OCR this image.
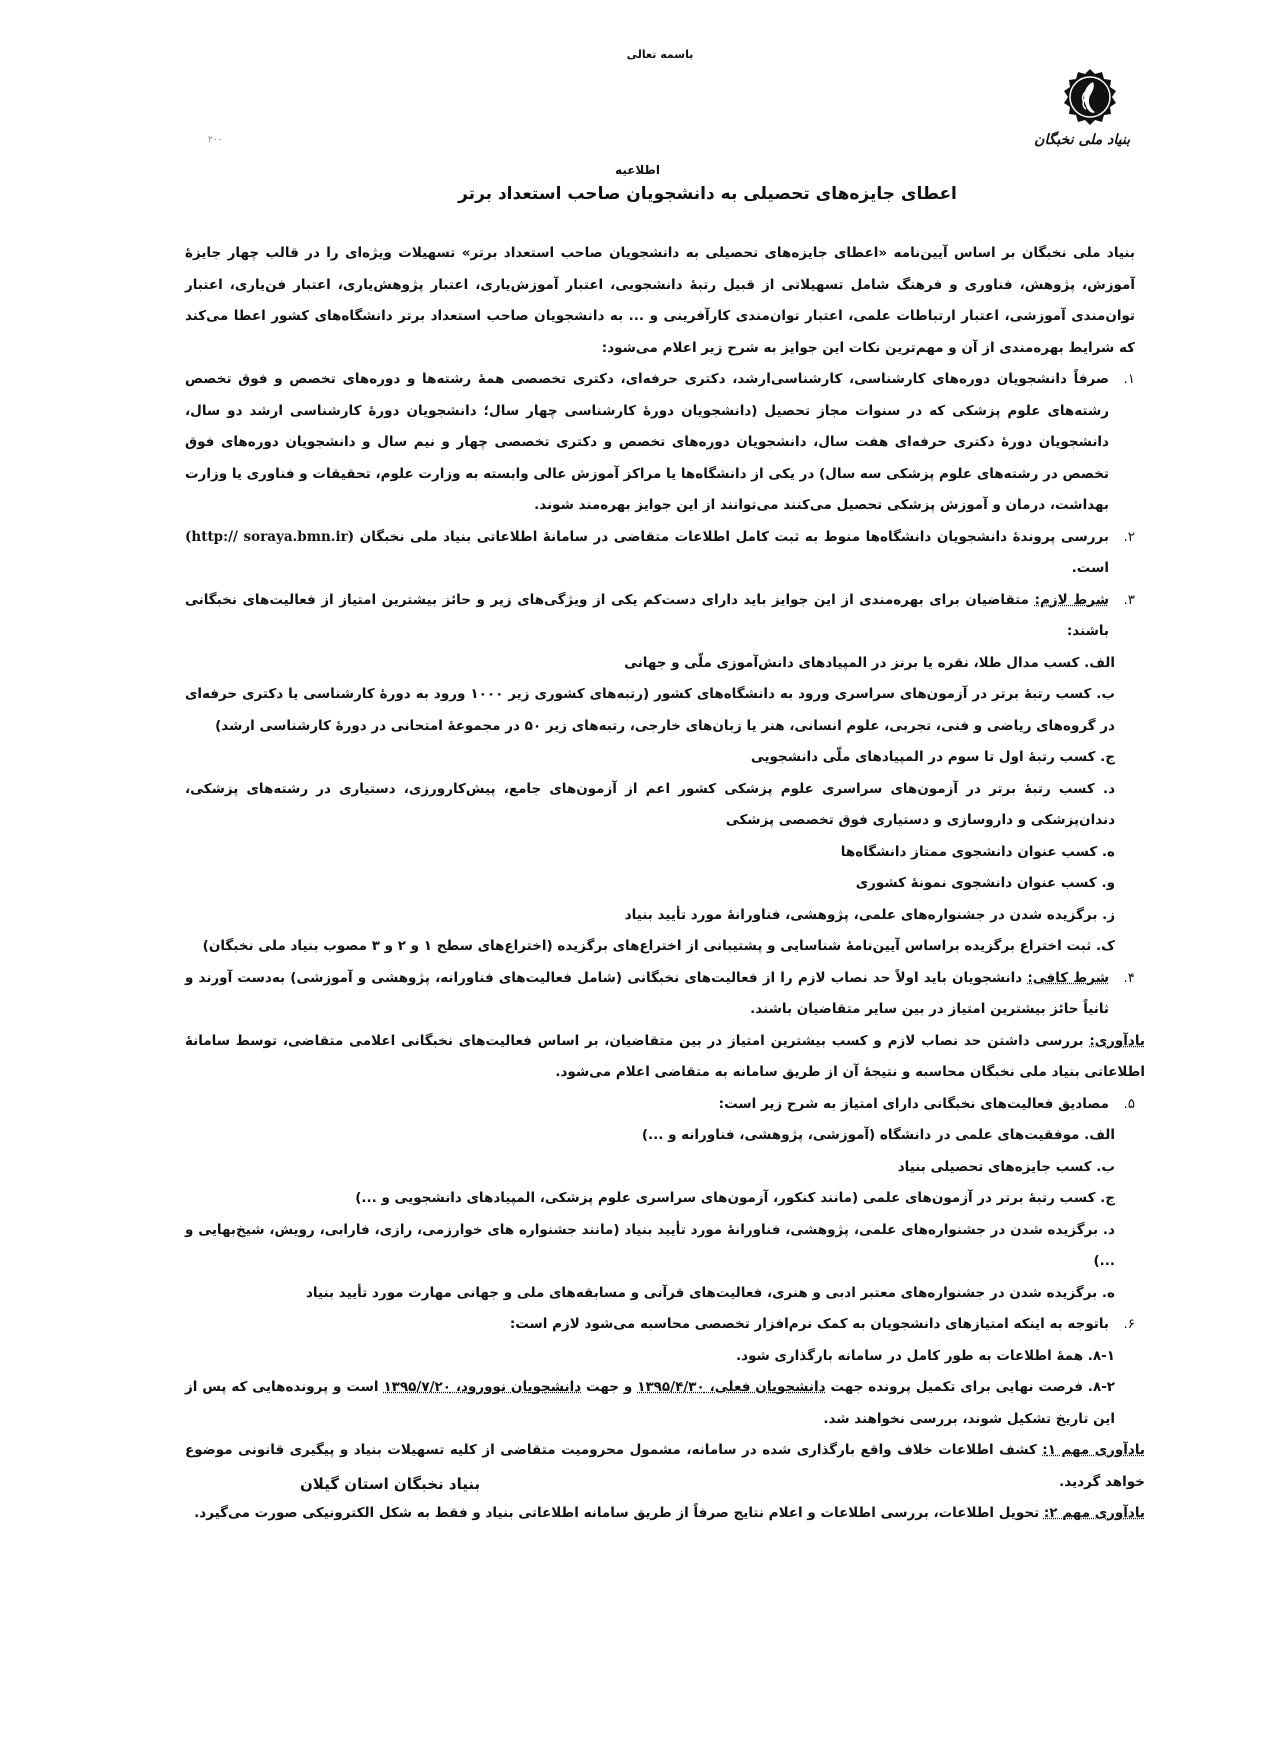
باسمه تعالی
بنیاد ملی نخبگان
۲۰۰
اطلاعیه
اعطای جایزه‌های تحصیلی به دانشجویان صاحب استعداد برتر

بنیاد ملی نخبگان بر اساس آیین‌نامه «اعطای جایزه‌های تحصیلی به دانشجویان صاحب استعداد برتر» تسهیلات ویژه‌ای را در قالب چهار جایزهٔ آموزش، پژوهش، فناوری و فرهنگ شامل تسهیلاتی از قبیل رتبهٔ دانشجویی، اعتبار آموزش‌یاری، اعتبار پژوهش‌یاری، اعتبار فن‌یاری، اعتبار توان‌مندی آموزشی، اعتبار ارتباطات علمی، اعتبار توان‌مندی کارآفرینی و ... به دانشجویان صاحب استعداد برتر دانشگاه‌های کشور اعطا می‌کند که شرایط بهره‌مندی از آن و مهم‌ترین نکات این جوایز به شرح زیر اعلام می‌شود:

۱.
صرفاً دانشجویان دوره‌های کارشناسی، کارشناسی‌ارشد، دکتری حرفه‌ای، دکتری تخصصی همهٔ رشته‌ها و دوره‌های تخصص و فوق تخصص رشته‌های علوم پزشکی که در سنوات مجاز تحصیل (دانشجویان دورهٔ کارشناسی چهار سال؛ دانشجویان دورهٔ کارشناسی ارشد دو سال، دانشجویان دورهٔ دکتری حرفه‌ای هفت سال، دانشجویان دوره‌های تخصص و دکتری تخصصی چهار و نیم سال و دانشجویان دوره‌های فوق تخصص در رشته‌های علوم پزشکی سه سال) در یکی از دانشگاه‌ها یا مراکز آموزش عالی وابسته به وزارت علوم، تحقیقات و فناوری یا وزارت بهداشت، درمان و آموزش پزشکی تحصیل می‌کنند می‌توانند از این جوایز بهره‌مند شوند.

۲.
بررسی پروندهٔ دانشجویان دانشگاه‌ها منوط به ثبت کامل اطلاعات متقاضی در سامانهٔ اطلاعاتی بنیاد ملی نخبگان (http:// soraya.bmn.ir) است.

۳.
شرط لازم: متقاضیان برای بهره‌مندی از این جوایز باید دارای دست‌کم یکی از ویژگی‌های زیر و حائز بیشترین امتیاز از فعالیت‌های نخبگانی باشند:

الف. کسب مدال طلا، نقره یا برنز در المپیادهای دانش‌آموزی ملّی و جهانی

ب. کسب رتبهٔ برتر در آزمون‌های سراسری ورود به دانشگاه‌های کشور (رتبه‌های کشوری زیر ۱۰۰۰ ورود به دورهٔ کارشناسی یا دکتری حرفه‌ای در گروه‌های ریاضی و فنی، تجربی، علوم انسانی، هنر یا زبان‌های خارجی، رتبه‌های زیر ۵۰ در مجموعهٔ امتحانی در دورهٔ کارشناسی ارشد)

ج. کسب رتبهٔ اول تا سوم در المپیادهای ملّی دانشجویی

د. کسب رتبهٔ برتر در آزمون‌های سراسری علوم پزشکی کشور اعم از آزمون‌های جامع، پیش‌کارورزی، دستیاری در رشته‌های پزشکی، دندان‌پزشکی و داروسازی و دستیاری فوق تخصصی پزشکی

ه. کسب عنوان دانشجوی ممتاز دانشگاه‌ها

و. کسب عنوان دانشجوی نمونهٔ کشوری

ز. برگزیده شدن در جشنواره‌های علمی، پژوهشی، فناورانهٔ مورد تأیید بنیاد

ک. ثبت اختراع برگزیده براساس آیین‌نامهٔ شناسایی و پشتیبانی از اختراع‌های برگزیده (اختراع‌های سطح ۱ و ۲ و ۳ مصوب بنیاد ملی نخبگان)

۴.
شرط کافی: دانشجویان باید اولاً حد نصاب لازم را از فعالیت‌های نخبگانی (شامل فعالیت‌های فناورانه، پژوهشی و آموزشی) به‌دست آورند و ثانیاً حائز بیشترین امتیاز در بین سایر متقاضیان باشند.

یادآوری: بررسی داشتن حد نصاب لازم و کسب بیشترین امتیاز در بین متقاضیان، بر اساس فعالیت‌های نخبگانی اعلامی متقاضی، توسط سامانهٔ اطلاعاتی بنیاد ملی نخبگان محاسبه و نتیجهٔ آن از طریق سامانه به متقاضی اعلام می‌شود.

۵.
مصادیق فعالیت‌های نخبگانی دارای امتیاز به شرح زیر است:

الف. موفقیت‌های علمی در دانشگاه (آموزشی، پژوهشی، فناورانه و ...)

ب. کسب جایزه‌های تحصیلی بنیاد

ج. کسب رتبهٔ برتر در آزمون‌های علمی (مانند کنکور، آزمون‌های سراسری علوم پزشکی، المپیادهای دانشجویی و ...)

د. برگزیده شدن در جشنواره‌های علمی، پژوهشی، فناورانهٔ مورد تأیید بنیاد (مانند جشنواره های خوارزمی، رازی، فارابی، رویش، شیخ‌بهایی و ...)

ه. برگزیده شدن در جشنواره‌های معتبر ادبی و هنری، فعالیت‌های قرآنی و مسابقه‌های ملی و جهانی مهارت مورد تأیید بنیاد

۶.
باتوجه به اینکه امتیازهای دانشجویان به کمک نرم‌افزار تخصصی محاسبه می‌شود لازم است:

۸-۱. همهٔ اطلاعات به طور کامل در سامانه بارگذاری شود.

۸-۲. فرصت نهایی برای تکمیل پرونده جهت دانشجویان فعلی، ۱۳۹۵/۴/۳۰ و جهت دانشجویان نوورود، ۱۳۹۵/۷/۲۰ است و پرونده‌هایی که پس از این تاریخ تشکیل شوند، بررسی نخواهند شد.

یادآوری مهم ۱: کشف اطلاعات خلاف واقع بارگذاری شده در سامانه، مشمول محرومیت متقاضی از کلیه تسهیلات بنیاد و پیگیری قانونی موضوع خواهد گردید.

یادآوری مهم ۲: تحویل اطلاعات، بررسی اطلاعات و اعلام نتایج صرفاً از طریق سامانه اطلاعاتی بنیاد و فقط به شکل الکترونیکی صورت می‌گیرد.

بنیاد نخبگان استان گیلان
